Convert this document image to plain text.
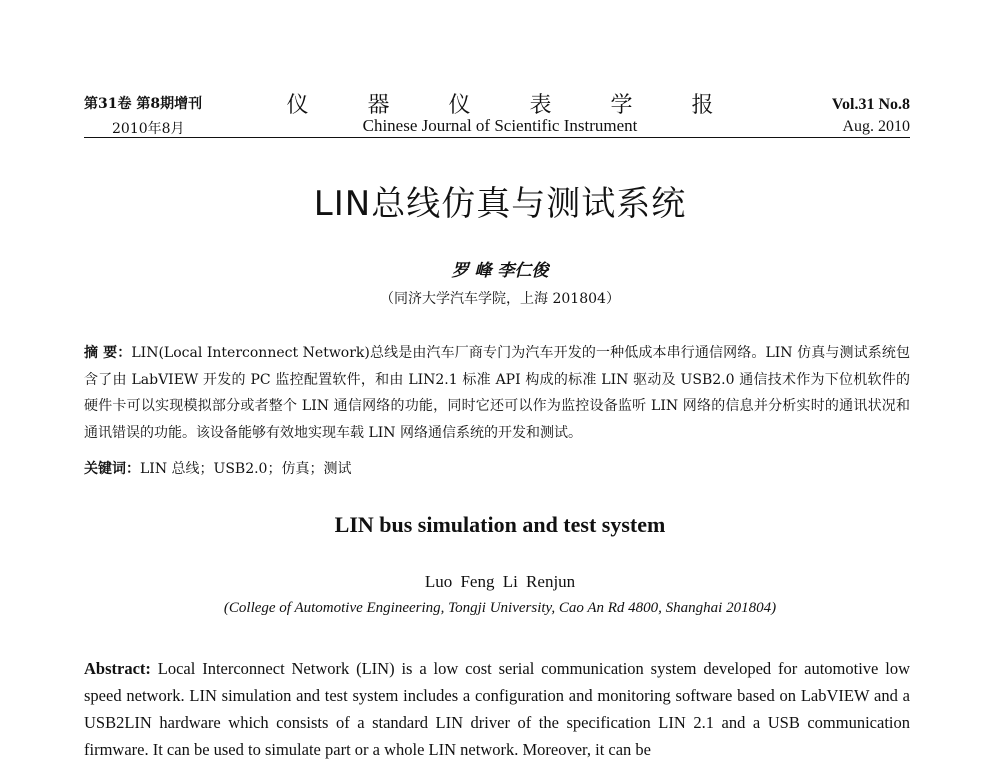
第31卷 第8期增刊
2010年8月
仪 器 仪 表 学 报
Chinese Journal of Scientific Instrument
Vol.31 No.8
Aug. 2010
LIN总线仿真与测试系统
罗 峰 李仁俊
（同济大学汽车学院，上海 201804）
摘 要：LIN(Local Interconnect Network)总线是由汽车厂商专门为汽车开发的一种低成本串行通信网络。LIN 仿真与测试系统包含了由 LabVIEW 开发的 PC 监控配置软件，和由 LIN2.1 标准 API 构成的标准 LIN 驱动及 USB2.0 通信技术作为下位机软件的硬件卡可以实现模拟部分或者整个 LIN 通信网络的功能，同时它还可以作为监控设备监听 LIN 网络的信息并分析实时的通讯状况和通讯错误的功能。该设备能够有效地实现车载 LIN 网络通信系统的开发和测试。
关键词：LIN 总线；USB2.0；仿真；测试
LIN bus simulation and test system
Luo Feng Li Renjun
(College of Automotive Engineering, Tongji University, Cao An Rd 4800, Shanghai 201804)
Abstract: Local Interconnect Network (LIN) is a low cost serial communication system developed for automotive low speed network. LIN simulation and test system includes a configuration and monitoring software based on LabVIEW and a USB2LIN hardware which consists of a standard LIN driver of the specification LIN 2.1 and a USB communication firmware. It can be used to simulate part or a whole LIN network. Moreover, it can be
